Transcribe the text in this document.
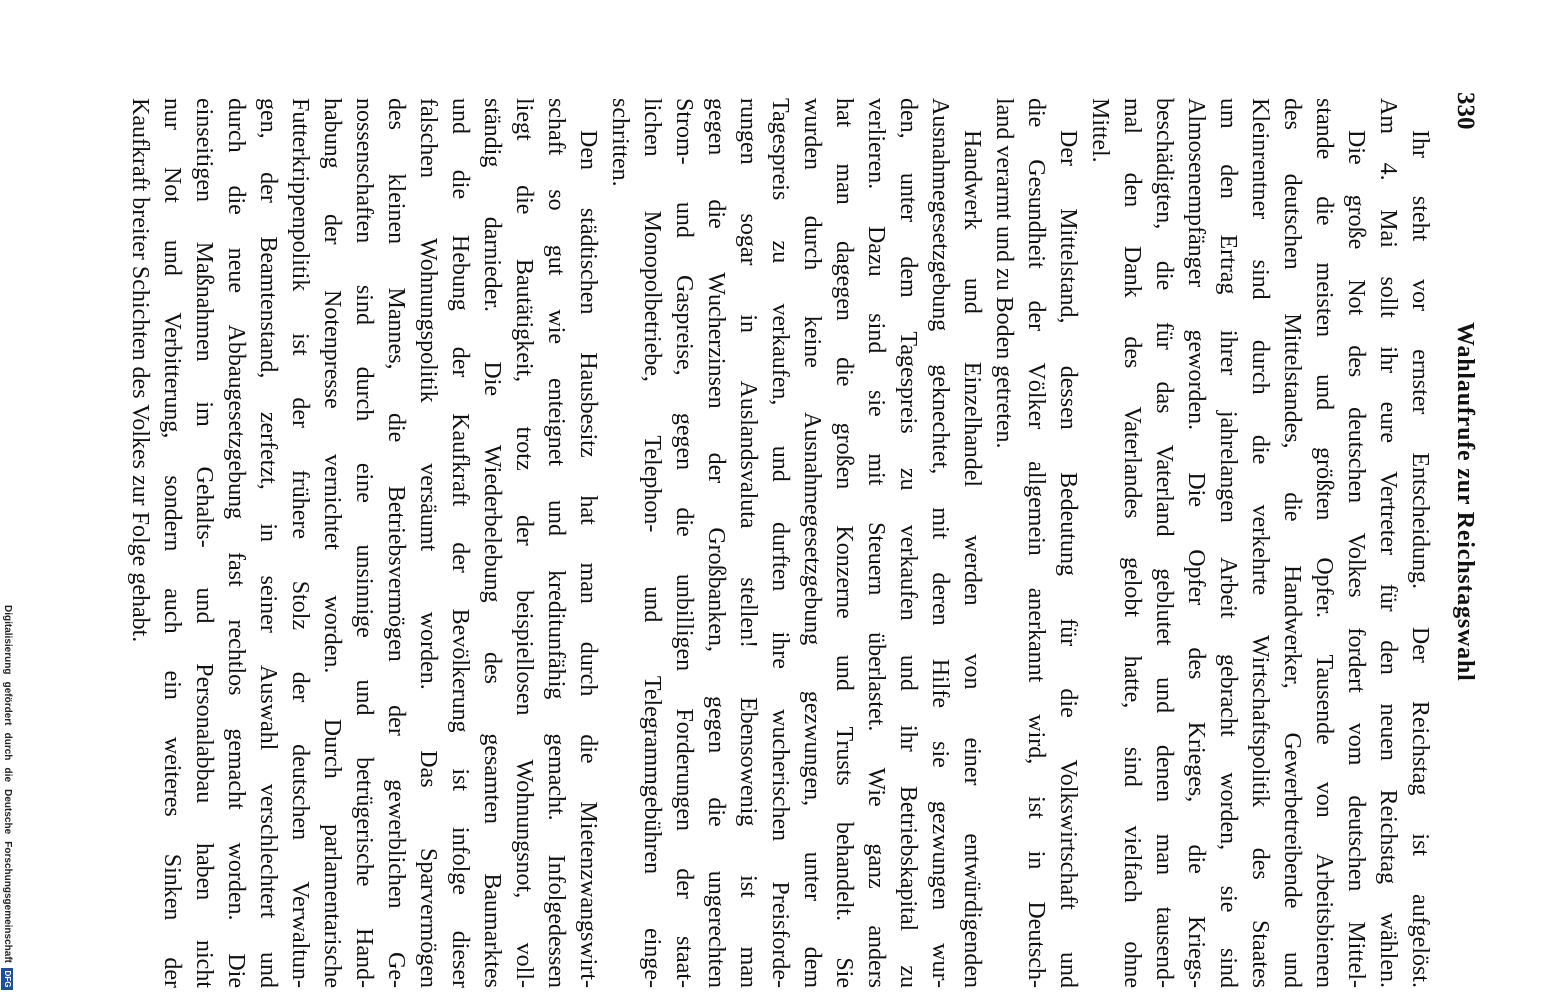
330
Wahlaufrufe zur Reichstagswahl
Ihr steht vor ernster Entscheidung. Der Reichstag ist aufgelöst.
Am 4. Mai sollt ihr eure Vertreter für den neuen Reichstag wählen.
Die große Not des deutschen Volkes fordert vom deutschen Mittel-
stande die meisten und größten Opfer. Tausende von Arbeitsbienen
des deutschen Mittelstandes, die Handwerker, Gewerbetreibende und
Kleinrentner sind durch die verkehrte Wirtschaftspolitik des Staates
um den Ertrag ihrer jahrelangen Arbeit gebracht worden, sie sind
Almosenempfänger geworden. Die Opfer des Krieges, die Kriegs-
beschädigten, die für das Vaterland geblutet und denen man tausend-
mal den Dank des Vaterlandes gelobt hatte, sind vielfach ohne
Mittel.
Der Mittelstand, dessen Bedeutung für die Volkswirtschaft und
die Gesundheit der Völker allgemein anerkannt wird, ist in Deutsch-
land verarmt und zu Boden getreten.
Handwerk und Einzelhandel werden von einer entwürdigenden
Ausnahmegesetzgebung geknechtet, mit deren Hilfe sie gezwungen wur-
den, unter dem Tagespreis zu verkaufen und ihr Betriebskapital zu
verlieren. Dazu sind sie mit Steuern überlastet. Wie ganz anders
hat man dagegen die großen Konzerne und Trusts behandelt. Sie
wurden durch keine Ausnahmegesetzgebung gezwungen, unter dem
Tagespreis zu verkaufen, und durften ihre wucherischen Preisforde-
rungen sogar in Auslandsvaluta stellen! Ebensowenig ist man
gegen die Wucherzinsen der Großbanken, gegen die ungerechten
Strom- und Gaspreise, gegen die unbilligen Forderungen der staat-
lichen Monopolbetriebe, Telephon- und Telegrammgebühren einge-
schritten.
Den städtischen Hausbesitz hat man durch die Mietenzwangswirt-
schaft so gut wie enteignet und kreditunfähig gemacht. Infolgedessen
liegt die Bautätigkeit, trotz der beispiellosen Wohnungsnot, voll-
ständig darnieder. Die Wiederbelebung des gesamten Baumarktes
und die Hebung der Kaufkraft der Bevölkerung ist infolge dieser
falschen Wohnungspolitik versäumt worden. Das Sparvermögen
des kleinen Mannes, die Betriebsvermögen der gewerblichen Ge-
nossenschaften sind durch eine unsinnige und betrügerische Hand-
habung der Notenpresse vernichtet worden. Durch parlamentarische
Futterkrippenpolitik ist der frühere Stolz der deutschen Verwaltun-
gen, der Beamtenstand, zerfetzt, in seiner Auswahl verschlechtert und
durch die neue Abbaugesetzgebung fast rechtlos gemacht worden. Die
einseitigen Maßnahmen im Gehalts- und Personalabbau haben nicht
nur Not und Verbitterung, sondern auch ein weiteres Sinken der
Kaufkraft breiter Schichten des Volkes zur Folge gehabt.
Digitalisierung gefördert durch die Deutsche Forschungsgemeinschaft
DFG
